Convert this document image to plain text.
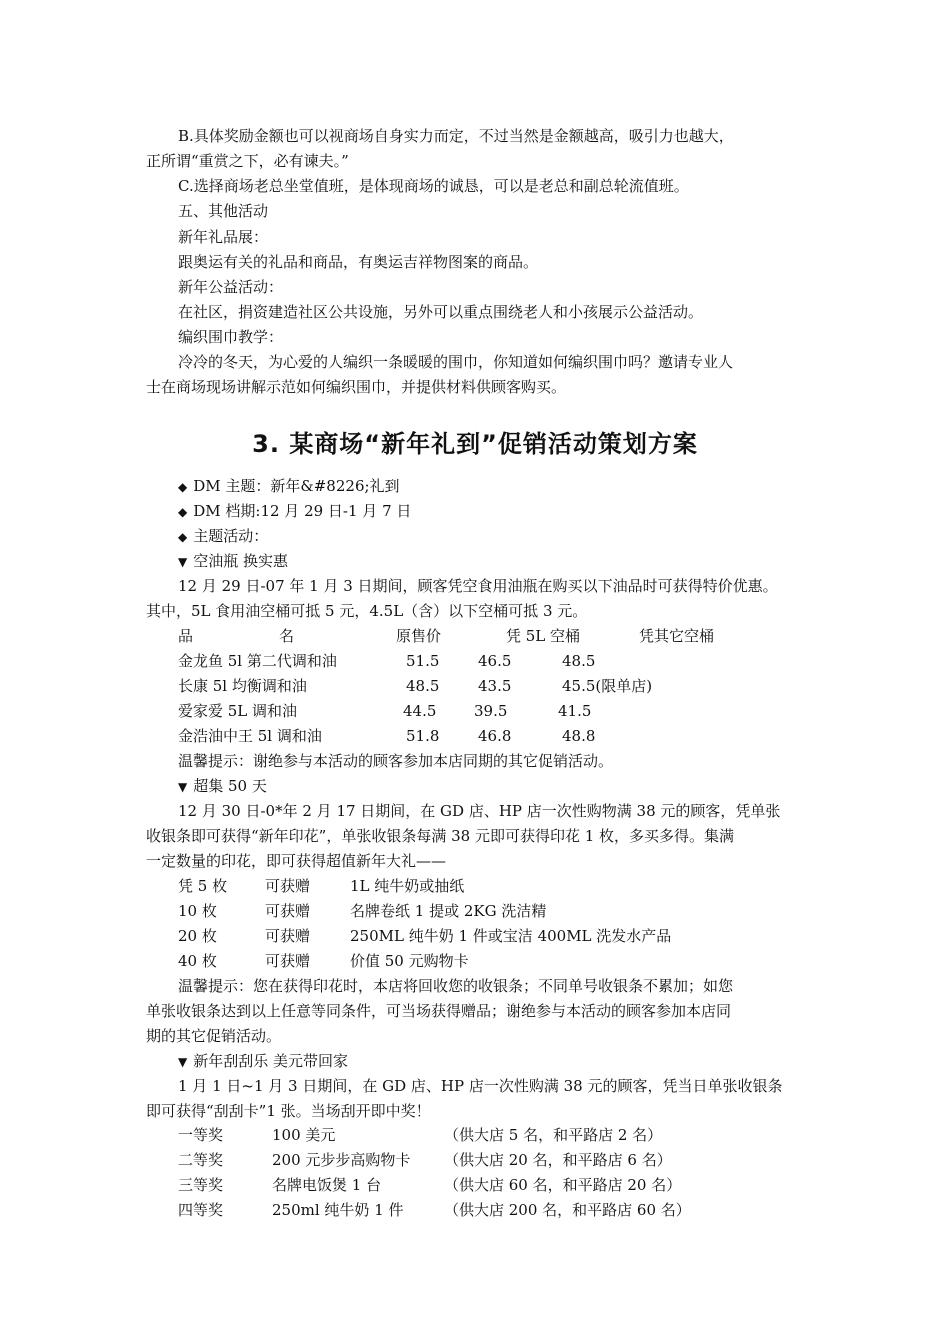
B.具体奖励金额也可以视商场自身实力而定，不过当然是金额越高，吸引力也越大，
正所谓“重赏之下，必有谏夫。”
C.选择商场老总坐堂值班，是体现商场的诚恳，可以是老总和副总轮流值班。
五、其他活动
新年礼品展：
跟奥运有关的礼品和商品，有奥运吉祥物图案的商品。
新年公益活动：
在社区，捐资建造社区公共设施，另外可以重点围绕老人和小孩展示公益活动。
编织围巾教学：
冷冷的冬天，为心爱的人编织一条暖暖的围巾，你知道如何编织围巾吗？邀请专业人
士在商场现场讲解示范如何编织围巾，并提供材料供顾客购买。
3. 某商场“新年礼到”促销活动策划方案
◆ DM 主题：新年&#8226;礼到
◆ DM 档期:12 月 29 日-1 月 7 日
◆ 主题活动：
▼ 空油瓶 换实惠
12 月 29 日-07 年 1 月 3 日期间，顾客凭空食用油瓶在购买以下油品时可获得特价优惠。
其中，5L 食用油空桶可抵 5 元，4.5L（含）以下空桶可抵 3 元。
品	名	原售价	凭 5L 空桶	凭其它空桶
金龙鱼 5l 第二代调和油	51.5	46.5	48.5
长康 5l 均衡调和油	48.5	43.5	45.5(限单店)
爱家爱 5L 调和油	44.5	39.5	41.5
金浩油中王 5l 调和油	51.8	46.8	48.8
温馨提示：谢绝参与本活动的顾客参加本店同期的其它促销活动。
▼ 超集 50 天
12 月 30 日-0*年 2 月 17 日期间，在 GD 店、HP 店一次性购物满 38 元的顾客，凭单张
收银条即可获得“新年印花”，单张收银条每满 38 元即可获得印花 1 枚，多买多得。集满
一定数量的印花，即可获得超值新年大礼——
凭 5 枚	可获赠	1L 纯牛奶或抽纸
10 枚	可获赠	名牌卷纸 1 提或 2KG 洗洁精
20 枚	可获赠	250ML 纯牛奶 1 件或宝洁 400ML 洗发水产品
40 枚	可获赠	价值 50 元购物卡
温馨提示：您在获得印花时，本店将回收您的收银条；不同单号收银条不累加；如您
单张收银条达到以上任意等同条件，可当场获得赠品；谢绝参与本活动的顾客参加本店同
期的其它促销活动。
▼ 新年刮刮乐 美元带回家
1 月 1 日~1 月 3 日期间，在 GD 店、HP 店一次性购满 38 元的顾客，凭当日单张收银条
即可获得“刮刮卡”1 张。当场刮开即中奖！
一等奖	100 美元	（供大店 5 名，和平路店 2 名）
二等奖	200 元步步高购物卡 （供大店 20 名，和平路店 6 名）
三等奖	名牌电饭煲 1 台	（供大店 60 名，和平路店 20 名）
四等奖	250ml 纯牛奶 1 件	（供大店 200 名，和平路店 60 名）
